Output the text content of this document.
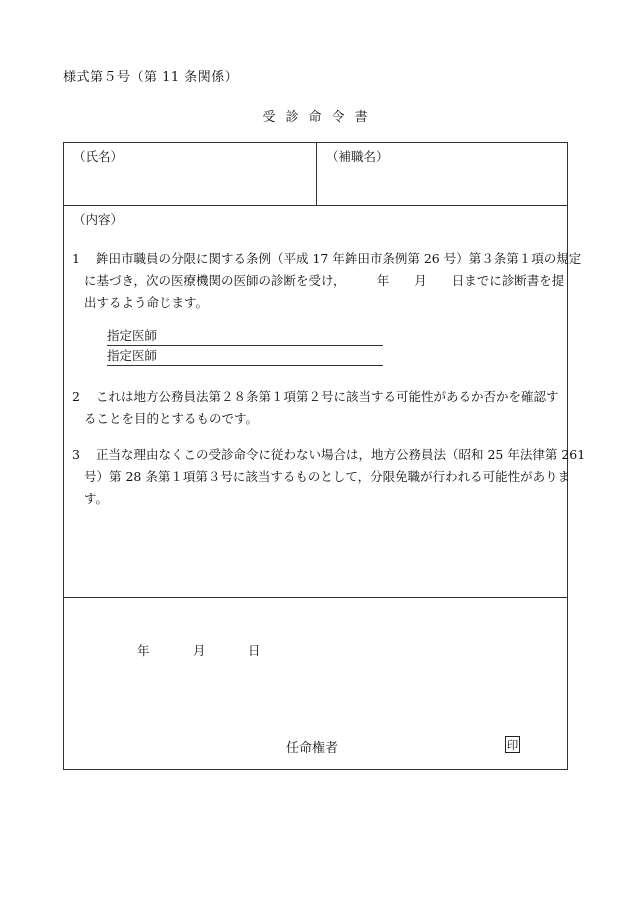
様式第５号（第 11 条関係）
受診命令書
（氏名）	（補職名）
（内容）
1	鉾田市職員の分限に関する条例（平成 17 年鉾田市条例第 26 号）第３条第１項の規定
に基づき，次の医療機関の医師の診断を受け，　　　年　　月　　日までに診断書を提
出するよう命じます。
指定医師
指定医師
2	これは地方公務員法第２８条第１項第２号に該当する可能性があるか否かを確認す
ることを目的とするものです。
3	正当な理由なくこの受診命令に従わない場合は，地方公務員法（昭和 25 年法律第 261
号）第 28 条第１項第３号に該当するものとして，分限免職が行われる可能性がありま
す。
年	月	日
任命権者	印
